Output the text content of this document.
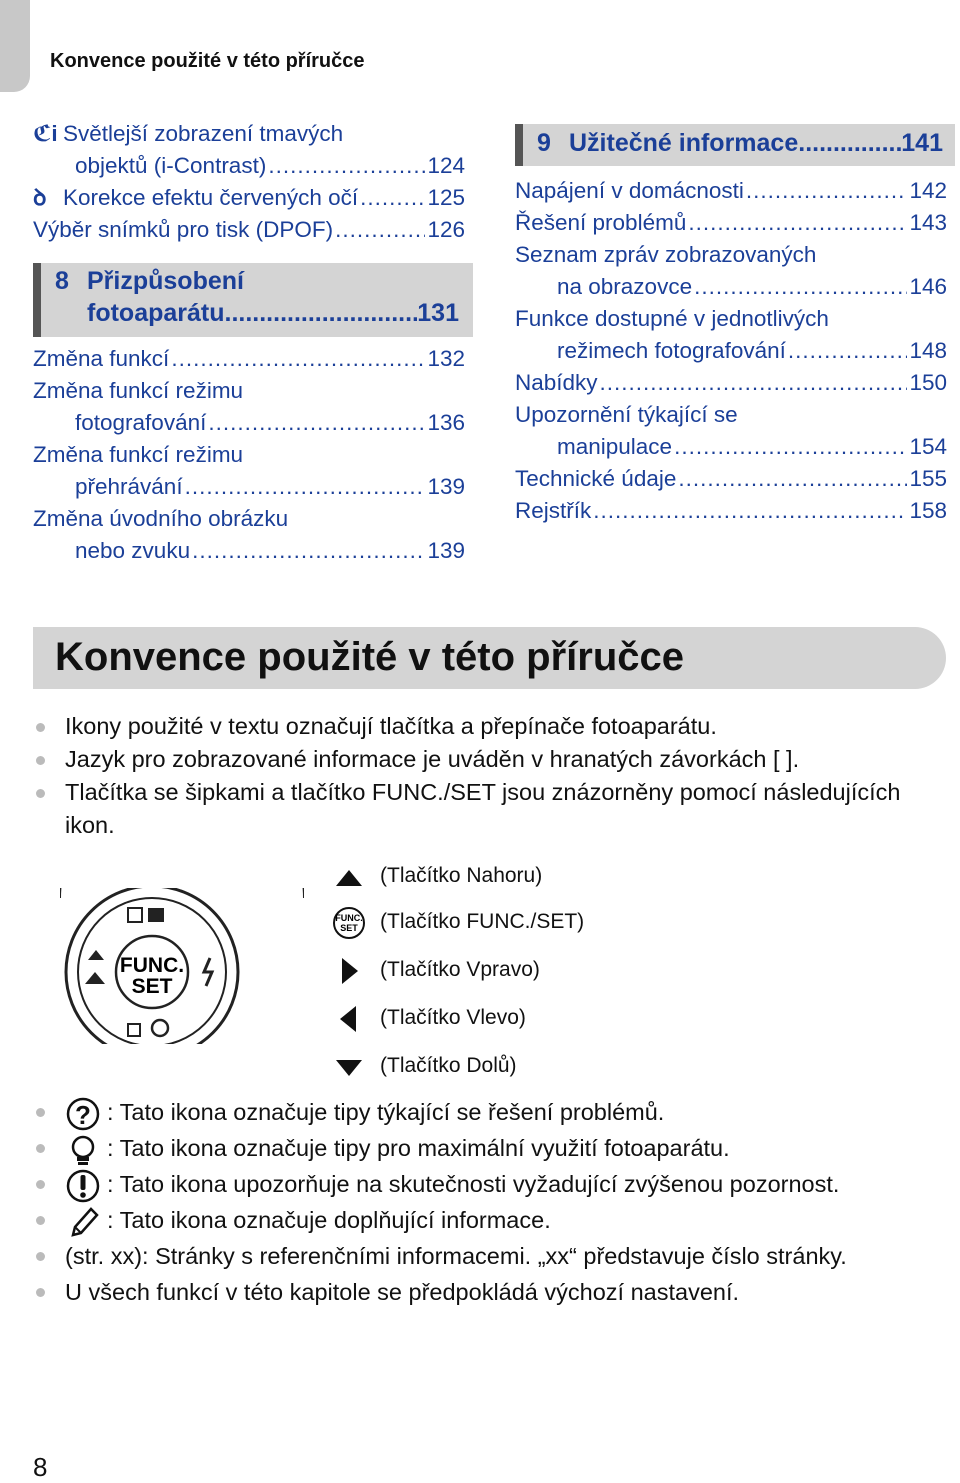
Konvence použité v této příručce
ℭi Světlejší zobrazení tmavých
objektů (i-Contrast) .....	124
ꝺ Korekce efektu červených očí .....	125
Výběr snímků pro tisk (DPOF) .....	126
8 Přizpůsobení
fotoaparátu .....	131
Změna funkcí .....	132
Změna funkcí režimu
fotografování .....	136
Změna funkcí režimu
přehrávání .....	139
Změna úvodního obrázku
nebo zvuku .....	139
9 Užitečné informace .....	141
Napájení v domácnosti .....	142
Řešení problémů .....	143
Seznam zpráv zobrazovaných
na obrazovce .....	146
Funkce dostupné v jednotlivých
režimech fotografování .....	148
Nabídky .....	150
Upozornění týkající se
manipulace .....	154
Technické údaje .....	155
Rejstřík .....	158
Konvence použité v této příručce
Ikony použité v textu označují tlačítka a přepínače fotoaparátu.
Jazyk pro zobrazované informace je uváděn v hranatých závorkách [ ].
Tlačítka se šipkami a tlačítko FUNC./SET jsou znázorněny pomocí následujících ikon.
FUNC.
SET
(Tlačítko Nahoru)
FUNC.
SET (Tlačítko FUNC./SET)
(Tlačítko Vpravo)
(Tlačítko Vlevo)
(Tlačítko Dolů)
? : Tato ikona označuje tipy týkající se řešení problémů.
: Tato ikona označuje tipy pro maximální využití fotoaparátu.
: Tato ikona upozorňuje na skutečnosti vyžadující zvýšenou pozornost.
: Tato ikona označuje doplňující informace.
(str. xx): Stránky s referenčními informacemi. „xx“ představuje číslo stránky.
U všech funkcí v této kapitole se předpokládá výchozí nastavení.
8
